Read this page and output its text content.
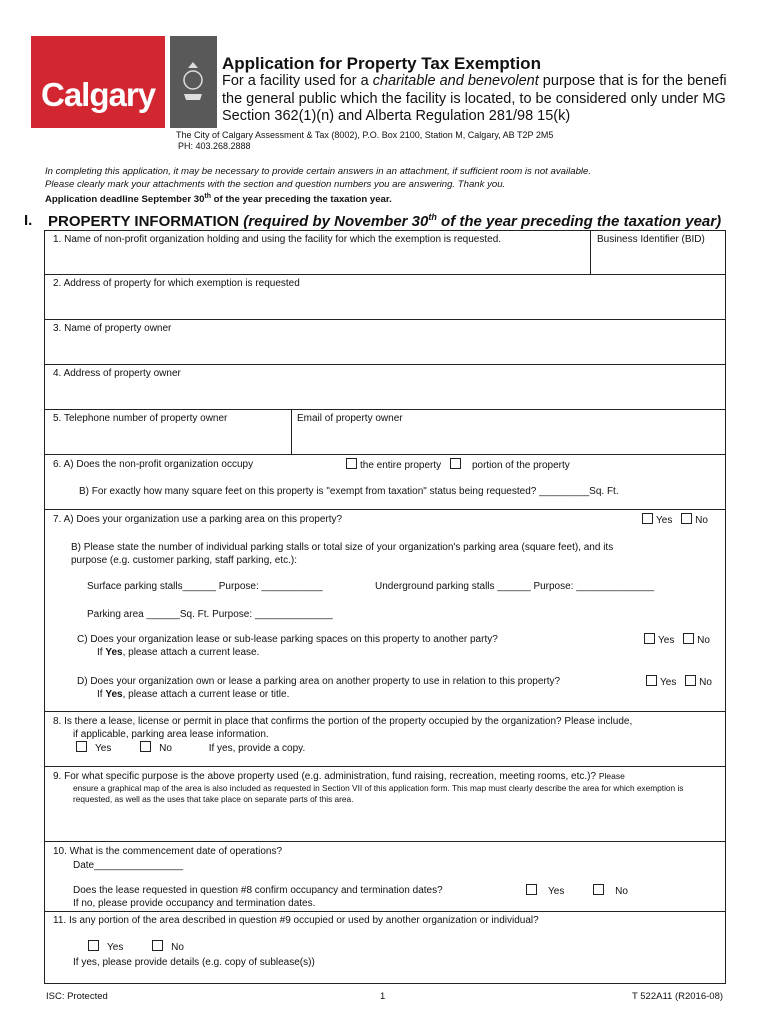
Calgary
Application for Property Tax Exemption
For a facility used for a charitable and benevolent purpose that is for the benefi
the general public which the facility is located, to be considered only under MG
Section 362(1)(n) and Alberta Regulation 281/98 15(k)
The City of Calgary Assessment & Tax (8002), P.O. Box 2100, Station M, Calgary, AB T2P 2M5
PH: 403.268.2888
In completing this application, it may be necessary to provide certain answers in an attachment, if sufficient room is not available.
Please clearly mark your attachments with the section and question numbers you are answering. Thank you.
Application deadline September 30th of the year preceding the taxation year.
I. PROPERTY INFORMATION (required by November 30th of the year preceding the taxation year)
1. Name of non-profit organization holding and using the facility for which the exemption is requested.	Business Identifier (BID)
2. Address of property for which exemption is requested
3. Name of property owner
4. Address of property owner
5. Telephone number of property owner	Email of property owner
6. A) Does the non-profit organization occupy	the entire property	portion of the property
B) For exactly how many square feet on this property is "exempt from taxation" status being requested? _________Sq. Ft.
7. A) Does your organization use a parking area on this property?	Yes No
B) Please state the number of individual parking stalls or total size of your organization's parking area (square feet), and its
purpose (e.g. customer parking, staff parking, etc.):
Surface parking stalls______ Purpose: ___________	Underground parking stalls ______ Purpose: ______________
Parking area ______Sq. Ft. Purpose: ______________
C) Does your organization lease or sub-lease parking spaces on this property to another party?
If Yes, please attach a current lease.
Yes No
D) Does your organization own or lease a parking area on another property to use in relation to this property?
If Yes, please attach a current lease or title.
Yes No
8. Is there a lease, license or permit in place that confirms the portion of the property occupied by the organization? Please include,
if applicable, parking area lease information.
Yes	No	If yes, provide a copy.
9. For what specific purpose is the above property used (e.g. administration, fund raising, recreation, meeting rooms, etc.)? Please
ensure a graphical map of the area is also included as requested in Section VII of this application form. This map must clearly describe the area for which exemption is requested, as well as the uses that take place on separate parts of this area.
10. What is the commencement date of operations?
Date________________
Does the lease requested in question #8 confirm occupancy and termination dates?	Yes	No
If no, please provide occupancy and termination dates.
11. Is any portion of the area described in question #9 occupied or used by another organization or individual?
Yes	No
If yes, please provide details (e.g. copy of sublease(s))
ISC: Protected	1	T 522A11 (R2016-08)
